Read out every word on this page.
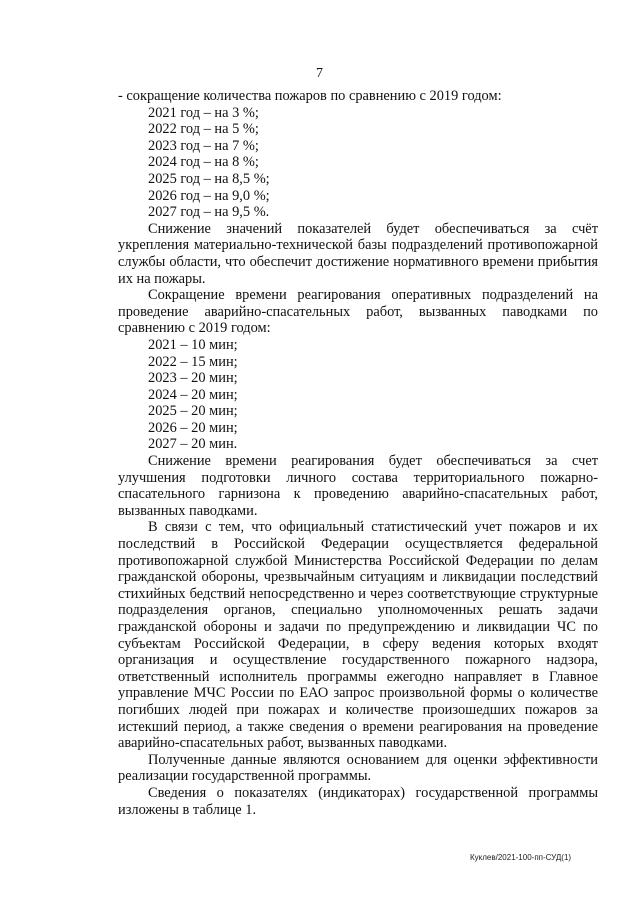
7

- сокращение количества пожаров по сравнению с 2019 годом:

2021 год – на 3 %;

2022 год – на 5 %;

2023 год – на 7 %;

2024 год – на 8 %;

2025 год – на 8,5 %;

2026 год – на 9,0 %;

2027 год – на 9,5 %.

Снижение значений показателей будет обеспечиваться за счёт укрепления материально-технической базы подразделений противопожарной службы области, что обеспечит достижение нормативного времени прибытия их на пожары.

Сокращение времени реагирования оперативных подразделений на проведение аварийно-спасательных работ, вызванных паводками по сравнению с 2019 годом:

2021 – 10 мин;

2022 – 15 мин;

2023 – 20 мин;

2024 – 20 мин;

2025 – 20 мин;

2026 – 20 мин;

2027 – 20 мин.

Снижение времени реагирования будет обеспечиваться за счет улучшения подготовки личного состава территориального пожарно-спасательного гарнизона к проведению аварийно-спасательных работ, вызванных паводками.

В связи с тем, что официальный статистический учет пожаров и их последствий в Российской Федерации осуществляется федеральной противопожарной службой Министерства Российской Федерации по делам гражданской обороны, чрезвычайным ситуациям и ликвидации последствий стихийных бедствий непосредственно и через соответствующие структурные подразделения органов, специально уполномоченных решать задачи гражданской обороны и задачи по предупреждению и ликвидации ЧС по субъектам Российской Федерации, в сферу ведения которых входят организация и осуществление государственного пожарного надзора, ответственный исполнитель программы ежегодно направляет в Главное управление МЧС России по ЕАО запрос произвольной формы о количестве погибших людей при пожарах и количестве произошедших пожаров за истекший период, а также сведения о времени реагирования на проведение аварийно-спасательных работ, вызванных паводками.

Полученные данные являются основанием для оценки эффективности реализации государственной программы.

Сведения о показателях (индикаторах) государственной программы изложены в таблице 1.

Куклев/2021-100-пп-СУД(1)
